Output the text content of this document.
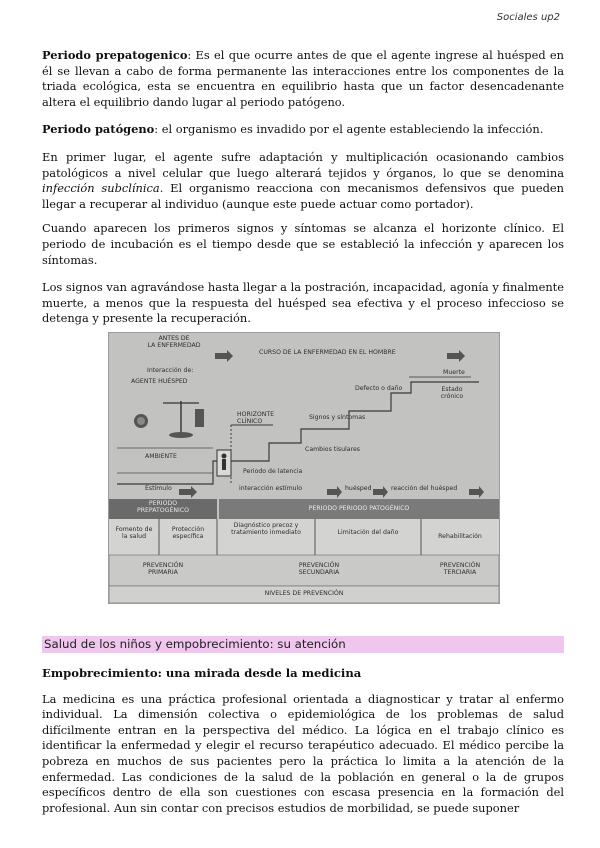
Sociales up2

Periodo prepatogenico: Es el que ocurre antes de que el agente ingrese al huésped en él se llevan a cabo de forma permanente las interacciones entre los componentes de la triada ecológica, esta se encuentra en equilibrio hasta que un factor desencadenante altera el equilibrio dando lugar al periodo patógeno.

Periodo patógeno: el organismo es invadido por el agente estableciendo la infección.

En primer lugar, el agente sufre adaptación y multiplicación ocasionando cambios patológicos a nivel celular que luego alterará tejidos y órganos, lo que se denomina infección subclínica. El organismo reacciona con mecanismos defensivos que pueden llegar a recuperar al individuo (aunque este puede actuar como portador).

Cuando aparecen los primeros signos y síntomas se alcanza el horizonte clínico. El periodo de incubación es el tiempo desde que se estableció la infección y aparecen los síntomas.

Los signos van agravándose hasta llegar a la postración, incapacidad, agonía y finalmente muerte, a menos que la respuesta del huésped sea efectiva y el proceso infeccioso se detenga y presente la recuperación.

ANTES DE
LA ENFERMEDAD
CURSO DE LA ENFERMEDAD EN EL HOMBRE
Interacción de:
AGENTE HUÉSPED
Muerte
Defecto o daño	Estado
crónico
HORIZONTE
CLÍNICO
Signos y síntomas
Cambios tisulares
AMBIENTE
Periodo de latencia
Estímulo	interacción estímulo	huésped	reacción del huésped
PERIODO
PREPATOGÉNICO	PERIODO PERIODO PATOGÉNICO
Fomento de
la salud
Protección
específica
Diagnóstico precoz y
tratamiento inmediato	Limitación del daño
Rehabilitación
PREVENCIÓN
PRIMARIA
PREVENCIÓN
SECUNDARIA
PREVENCIÓN
TERCIARIA
NIVELES DE PREVENCIÓN
Salud de los niños y empobrecimiento: su atención

Empobrecimiento: una mirada desde la medicina

La medicina es una práctica profesional orientada a diagnosticar y tratar al enfermo individual. La dimensión colectiva o epidemiológica de los problemas de salud difícilmente entran en la perspectiva del médico. La lógica en el trabajo clínico es identificar la enfermedad y elegir el recurso terapéutico adecuado. El médico percibe la pobreza en muchos de sus pacientes pero la práctica lo limita a la atención de la enfermedad. Las condiciones de la salud de la población en general o la de grupos específicos dentro de ella son cuestiones con escasa presencia en la formación del profesional. Aun sin contar con precisos estudios de morbilidad, se puede suponer
